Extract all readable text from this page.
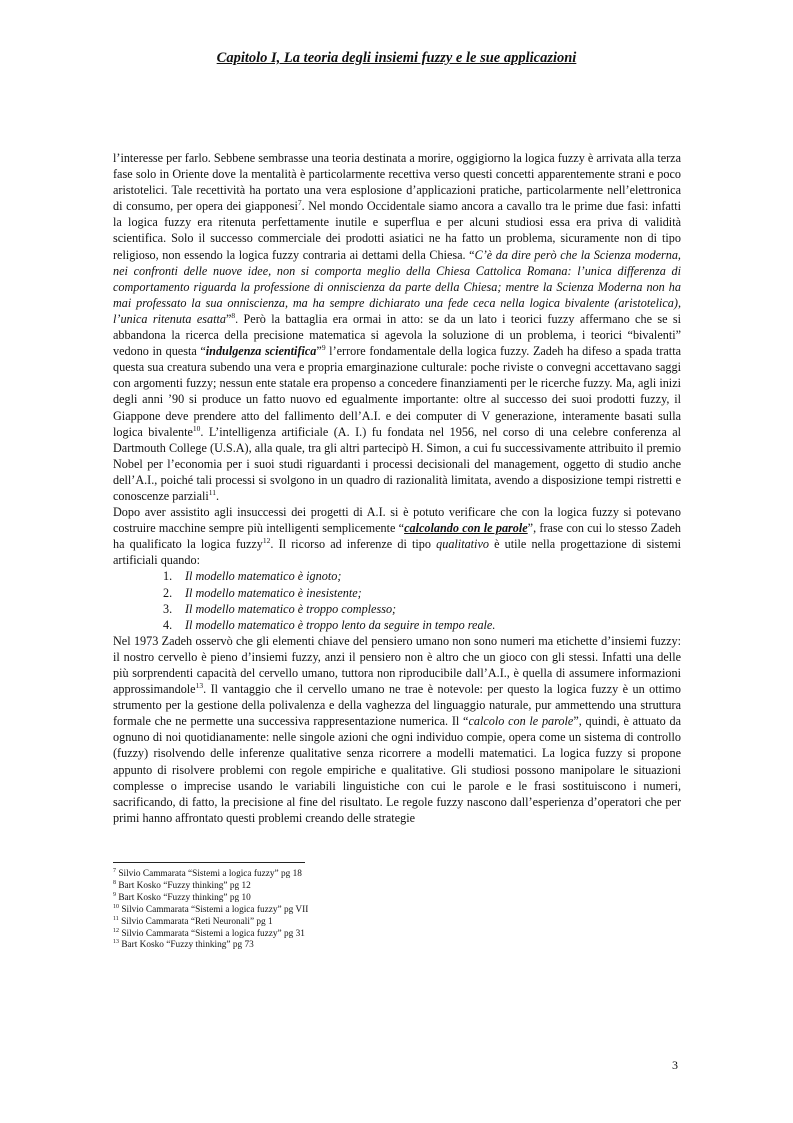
Capitolo I, La teoria degli insiemi fuzzy e le sue applicazioni

l’interesse per farlo. Sebbene sembrasse una teoria destinata a morire, oggigiorno la logica fuzzy è arrivata alla terza fase solo in Oriente dove la mentalità è particolarmente recettiva verso questi concetti apparentemente strani e poco aristotelici. Tale recettività ha portato una vera esplosione d’applicazioni pratiche, particolarmente nell’elettronica di consumo, per opera dei giapponesi$^7$. Nel mondo Occidentale siamo ancora a cavallo tra le prime due fasi: infatti la logica fuzzy era ritenuta perfettamente inutile e superflua e per alcuni studiosi essa era priva di validità scientifica. Solo il successo commerciale dei prodotti asiatici ne ha fatto un problema, sicuramente non di tipo religioso, non essendo la logica fuzzy contraria ai dettami della Chiesa. “C’è da dire però che la Scienza moderna, nei confronti delle nuove idee, non si comporta meglio della Chiesa Cattolica Romana: l’unica differenza di comportamento riguarda la professione di onniscienza da parte della Chiesa; mentre la Scienza Moderna non ha mai professato la sua onniscienza, ma ha sempre dichiarato una fede ceca nella logica bivalente (aristotelica), l’unica ritenuta esatta”$^8$. Però la battaglia era ormai in atto: se da un lato i teorici fuzzy affermano che se si abbandona la ricerca della precisione matematica si agevola la soluzione di un problema, i teorici “bivalenti” vedono in questa “indulgenza scientifica”$^9$ l’errore fondamentale della logica fuzzy. Zadeh ha difeso a spada tratta questa sua creatura subendo una vera e propria emarginazione culturale: poche riviste o convegni accettavano saggi con argomenti fuzzy; nessun ente statale era propenso a concedere finanziamenti per le ricerche fuzzy. Ma, agli inizi degli anni ’90 si produce un fatto nuovo ed egualmente importante: oltre al successo dei suoi prodotti fuzzy, il Giappone deve prendere atto del fallimento dell’A.I. e dei computer di V generazione, interamente basati sulla logica bivalente$^{10}$. L’intelligenza artificiale (A. I.) fu fondata nel 1956, nel corso di una celebre conferenza al Dartmouth College (U.S.A), alla quale, tra gli altri partecipò H. Simon, a cui fu successivamente attribuito il premio Nobel per l’economia per i suoi studi riguardanti i processi decisionali del management, oggetto di studio anche dell’A.I., poiché tali processi si svolgono in un quadro di razionalità limitata, avendo a disposizione tempi ristretti e conoscenze parziali$^{11}$.

Dopo aver assistito agli insuccessi dei progetti di A.I. si è potuto verificare che con la logica fuzzy si potevano costruire macchine sempre più intelligenti semplicemente “calcolando con le parole”, frase con cui lo stesso Zadeh ha qualificato la logica fuzzy$^{12}$. Il ricorso ad inferenze di tipo qualitativo è utile nella progettazione di sistemi artificiali quando:

1. Il modello matematico è ignoto;
2. Il modello matematico è inesistente;
3. Il modello matematico è troppo complesso;
4. Il modello matematico è troppo lento da seguire in tempo reale.

Nel 1973 Zadeh osservò che gli elementi chiave del pensiero umano non sono numeri ma etichette d’insiemi fuzzy: il nostro cervello è pieno d’insiemi fuzzy, anzi il pensiero non è altro che un gioco con gli stessi. Infatti una delle più sorprendenti capacità del cervello umano, tuttora non riproducibile dall’A.I., è quella di assumere informazioni approssimandole$^{13}$. Il vantaggio che il cervello umano ne trae è notevole: per questo la logica fuzzy è un ottimo strumento per la gestione della polivalenza e della vaghezza del linguaggio naturale, pur ammettendo una struttura formale che ne permette una successiva rappresentazione numerica. Il “calcolo con le parole”, quindi, è attuato da ognuno di noi quotidianamente: nelle singole azioni che ogni individuo compie, opera come un sistema di controllo (fuzzy) risolvendo delle inferenze qualitative senza ricorrere a modelli matematici. La logica fuzzy si propone appunto di risolvere problemi con regole empiriche e qualitative. Gli studiosi possono manipolare le situazioni complesse o imprecise usando le variabili linguistiche con cui le parole e le frasi sostituiscono i numeri, sacrificando, di fatto, la precisione al fine del risultato. Le regole fuzzy nascono dall’esperienza d’operatori che per primi hanno affrontato questi problemi creando delle strategie

$^7$ Silvio Cammarata “Sistemi a logica fuzzy” pg 18
$^8$ Bart Kosko “Fuzzy thinking” pg 12
$^9$ Bart Kosko “Fuzzy thinking” pg 10
$^{10}$ Silvio Cammarata “Sistemi a logica fuzzy” pg VII
$^{11}$ Silvio Cammarata “Reti Neuronali” pg 1
$^{12}$ Silvio Cammarata “Sistemi a logica fuzzy” pg 31
$^{13}$ Bart Kosko “Fuzzy thinking” pg 73
3
